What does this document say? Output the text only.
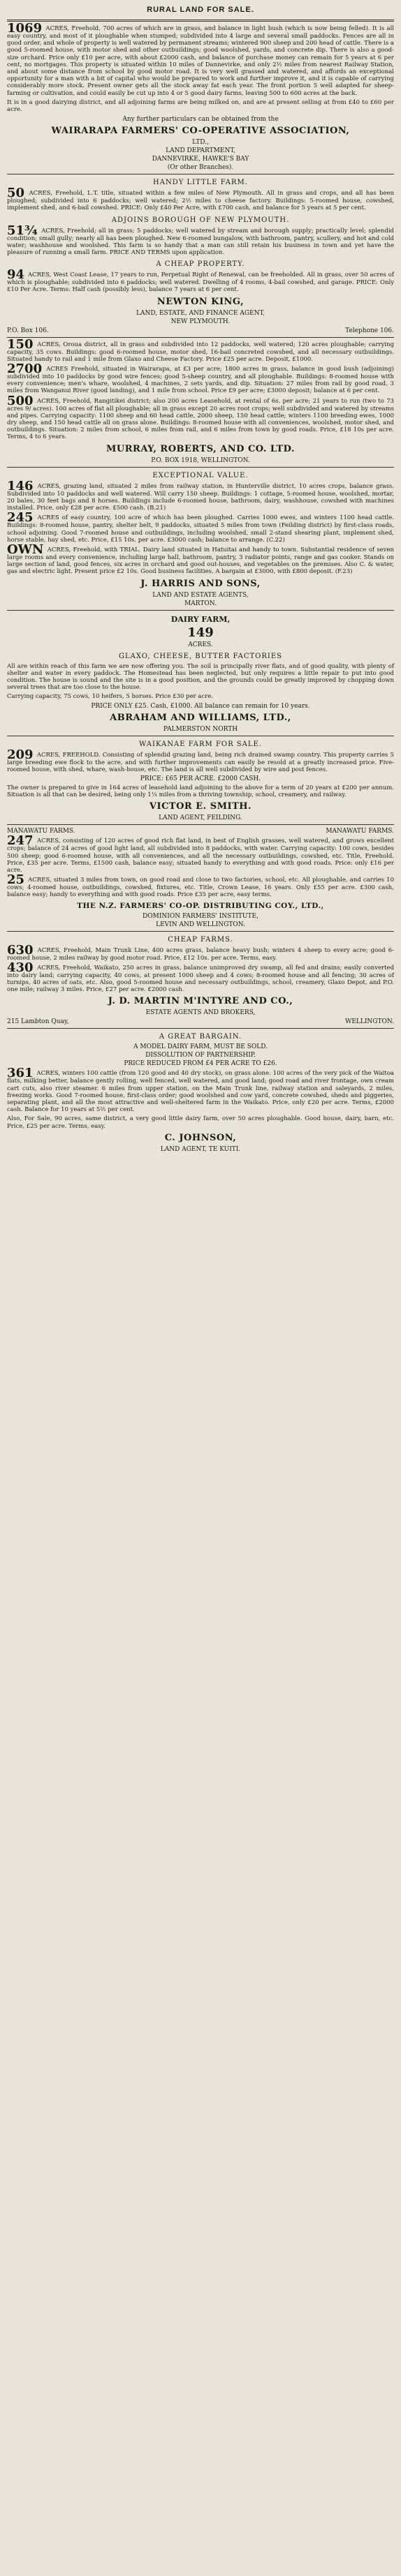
RURAL LAND FOR SALE.

1069 ACRES, Freehold, 700 acres of which are in grass, and balance in light bush (which is now being felled). It is all easy country, and most of it ploughable when stumped; subdivided into 4 large and several small paddocks. Fences are all in good order, and whole of property is well watered by permanent streams; wintered 900 sheep and 200 head of cattle. There is a good 5-roomed house, with motor shed and other outbuildings; good woolshed, yards, and concrete dip. There is also a good-size orchard. Price only £10 per acre, with about £2000 cash, and balance of purchase money can remain for 5 years at 6 per cent, no mortgages. This property is situated within 10 miles of Dannevirke, and only 2½ miles from nearest Railway Station, and about some distance from school by good motor road. It is very well grassed and watered, and affords an exceptional opportunity for a man with a bit of capital who would be prepared to work and further improve it, and it is capable of carrying considerably more stock. Present owner gets all the stock away fat each year. The front portion 5 well adapted for sheep-farming or cultivation, and could easily be cut up into 4 or 5 good dairy farms, leaving 500 to 600 acres at the back.

It is in a good dairying district, and all adjoining farms are being milked on, and are at present selling at from £40 to £60 per acre.

Any further particulars can be obtained from the

WAIRARAPA FARMERS' CO-OPERATIVE ASSOCIATION,
LTD.,
LAND DEPARTMENT,
DANNEVIRKE, HAWKE'S BAY
(Or other Branches).
HANDY LITTLE FARM.

50 ACRES, Freehold, L.T. title, situated within a few miles of New Plymouth. All in grass and crops, and all has been ploughed; subdivided into 6 paddocks; well watered; 2½ miles to cheese factory. Buildings: 5-roomed house, cowshed, implement shed, and 6-bail cowshed. PRICE: Only £40 Per Acre, with £700 cash, and balance for 5 years at 5 per cent.

ADJOINS BOROUGH OF NEW PLYMOUTH.

51¾ ACRES, Freehold; all in grass; 5 paddocks; well watered by stream and borough supply; practically level; splendid condition; small gully; nearly all has been ploughed. New 6-roomed bungalow, with bathroom, pantry, scullery, and hot and cold water; washhouse and woolshed. This farm is so handy that a man can still retain his business in town and yet have the pleasure of running a small farm. PRICE AND TERMS upon application.

A CHEAP PROPERTY.

94 ACRES, West Coast Lease, 17 years to run, Perpetual Right of Renewal, can be freeholded. All in grass, over 50 acres of which is ploughable; subdivided into 6 paddocks; well watered. Dwelling of 4 rooms, 4-bail cowshed, and garage. PRICE: Only £10 Per Acre. Terms: Half cash (possibly less), balance 7 years at 6 per cent.

NEWTON KING,
LAND, ESTATE, AND FINANCE AGENT,
NEW PLYMOUTH.
P.O. Box 106.	Telephone 106.

150 ACRES, Oroua district, all in grass and subdivided into 12 paddocks, well watered; 120 acres ploughable; carrying capacity, 35 cows. Buildings: good 6-roomed house, motor shed, 16-bail concreted cowshed, and all necessary outbuildings. Situated handy to rail and 1 mile from Glaxo and Cheese Factory. Price £25 per acre. Deposit, £1000.

2700 ACRES Freehold, situated in Wairarapa, at £3 per acre; 1800 acres in grass, balance in good bush (adjoining) subdivided into 10 paddocks by good wire fences; good 5-sheep country, and all ploughable. Buildings: 8-roomed house with every convenience; men's whare, woolshed, 4 machines, 2 sets yards, and dip. Situation: 27 miles from rail by good road, 3 miles from Wanganui River (good landing), and 1 mile from school. Price £9 per acre; £3000 deposit; balance at 6 per cent.

500 ACRES, Freehold, Rangitikei district; also 200 acres Leasehold, at rental of 6s. per acre; 21 years to run (two to 73 acres 9/ acres). 100 acres of flat all ploughable; all in grass except 20 acres root crops; well subdivided and watered by streams and pipes. Carrying capacity: 1100 sheep and 60 head cattle, 2000 sheep, 150 head cattle; winters 1100 breeding ewes, 1000 dry sheep, and 150 head cattle all on grass alone. Buildings: 8-roomed house with all conveniences, woolshed, motor shed, and outbuildings. Situation: 2 miles from school, 6 miles from rail, and 6 miles from town by good roads. Price, £18 10s per acre. Terms, 4 to 6 years.

MURRAY, ROBERTS, AND CO. LTD.
P.O. BOX 1918, WELLINGTON.
EXCEPTIONAL VALUE.

146 ACRES, grazing land, situated 2 miles from railway station, in Hunterville district, 10 acres crops, balance grass. Subdivided into 10 paddocks and well watered. Will carry 150 sheep. Buildings: 1 cottage, 5-roomed house, woolshed, mortar, 20 bales, 30 feet bags and 8 horses. Buildings include 6-roomed house, bathroom, dairy, washhouse, cowshed with machines installed. Price, only £28 per acre. £500 cash. (B.21)

245 ACRES of easy country, 100 acre of which has been ploughed. Carries 1000 ewes, and winters 1100 head cattle. Buildings: 8-roomed house, pantry, shelter belt, 9 paddocks, situated 5 miles from town (Feilding district) by first-class roads, school adjoining. Good 7-roomed house and outbuildings, including woolshed, small 2-stand shearing plant, implement shed, horse stable, hay shed, etc. Price, £15 10s. per acre. £3000 cash; balance to arrange. (C.22)

OWN ACRES, Freehold, with TRIAL. Dairy land situated in Hatuitai and handy to town. Substantial residence of seven large rooms and every convenience, including large hall, bathroom, pantry, 3 radiator points, range and gas cooker. Stands on large section of land, good fences, six acres in orchard and good out-houses, and vegetables on the premises. Also C. & water, gas and electric light. Present price £2 10s. Good business facilities. A bargain at £3000, with £800 deposit. (F.23)

J. HARRIS AND SONS,
LAND AND ESTATE AGENTS,
MARTON.
DAIRY FARM,
149
ACRES.
GLAXO, CHEESE, BUTTER FACTORIES

All are within reach of this farm we are now offering you. The soil is principally river flats, and of good quality, with plenty of shelter and water in every paddock. The Homestead has been neglected, but only requires a little repair to put into good condition. The house is sound and the site is in a good position, and the grounds could be greatly improved by chopping down several trees that are too close to the house.

Carrying capacity, 75 cows, 10 heifers, 5 horses. Price £30 per acre.

PRICE ONLY £25. Cash, £1000. All balance can remain for 10 years.
ABRAHAM AND WILLIAMS, LTD.,
PALMERSTON NORTH
WAIKANAE FARM FOR SALE.

209 ACRES, FREEHOLD. Consisting of splendid grazing land, being rich drained swamp country. This property carries 5 large breeding ewe flock to the acre, and with further improvements can easily be resold at a greatly increased price. Five-roomed house, with shed, whare, wash-house, etc. The land is all well subdivided by wire and post fences.

PRICE: £65 PER ACRE. £2000 CASH.

The owner is prepared to give in 164 acres of leasehold land adjoining to the above for a term of 20 years at £200 per annum. Situation is all that can be desired, being only 1¼ miles from a thriving township, school, creamery, and railway.

VICTOR E. SMITH.
LAND AGENT, FEILDING.
MANAWATU FARMS.	MANAWATU FARMS.

247 ACRES, consisting of 120 acres of good rich flat land, in best of English grasses, well watered, and grows excellent crops; balance of 24 acres of good light land, all subdivided into 8 paddocks, with water. Carrying capacity: 100 cows, besides 500 sheep; good 6-roomed house, with all conveniences, and all the necessary outbuildings, cowshed, etc. Title, Freehold. Price, £35 per acre. Terms, £1500 cash, balance easy; situated handy to everything and with good roads. Price: only £16 per acre.

25 ACRES, situated 3 miles from town, on good road and close to two factories, school, etc. All ploughable, and carries 10 cows; 4-roomed house, outbuildings, cowshed, fixtures, etc. Title, Crown Lease, 16 years. Only £55 per acre. £300 cash, balance easy; handy to everything and with good roads. Price £35 per acre, easy terms.

THE N.Z. FARMERS' CO-OP. DISTRIBUTING COY., LTD.,
DOMINION FARMERS' INSTITUTE,
LEVIN AND WELLINGTON.
CHEAP FARMS.

630 ACRES, Freehold, Main Trunk Line, 400 acres grass, balance heavy bush; winters 4 sheep to every acre; good 6-roomed house, 2 miles railway by good motor road. Price, £12 10s. per acre. Terms, easy.

430 ACRES, Freehold, Waikato, 250 acres in grass, balance unimproved dry swamp, all fed and drains; easily converted into dairy land; carrying capacity, 40 cows, at present 1000 sheep and 4 cows; 8-roomed house and all fencing; 30 acres of turnips, 40 acres of oats, etc. Also, good 5-roomed house and necessary outbuildings, school, creamery, Glaxo Depot, and P.O. one mile; railway 3 miles. Price, £27 per acre. £2000 cash.

J. D. MARTIN M'INTYRE AND CO.,
ESTATE AGENTS AND BROKERS,
215 Lambton Quay,	WELLINGTON.
A GREAT BARGAIN.
A MODEL DAIRY FARM, MUST BE SOLD.
DISSOLUTION OF PARTNERSHIP.
PRICE REDUCED FROM £4 PER ACRE TO £26.

361 ACRES, winters 100 cattle (from 120 good and 40 dry stock), on grass alone. 100 acres of the very pick of the Waitoa flats, milking better, balance gently rolling, well fenced, well watered, and good land; good road and river frontage, own cream cart cuts, also river steamer. 6 miles from upper station, on the Main Trunk line, railway station and saleyards, 2 miles, freezing works. Good 7-roomed house, first-class order; good woolshed and cow yard, concrete cowshed, sheds and piggeries, separating plant, and all the most attractive and well-sheltered farm in the Waikato. Price, only £20 per acre. Terms, £2000 cash. Balance for 10 years at 5½ per cent.

Also, For Sale, 90 acres, same district, a very good little dairy farm, over 50 acres ploughable. Good house, dairy, barn, etc. Price, £25 per acre. Terms, easy.

C. JOHNSON,
LAND AGENT, TE KUITI.
